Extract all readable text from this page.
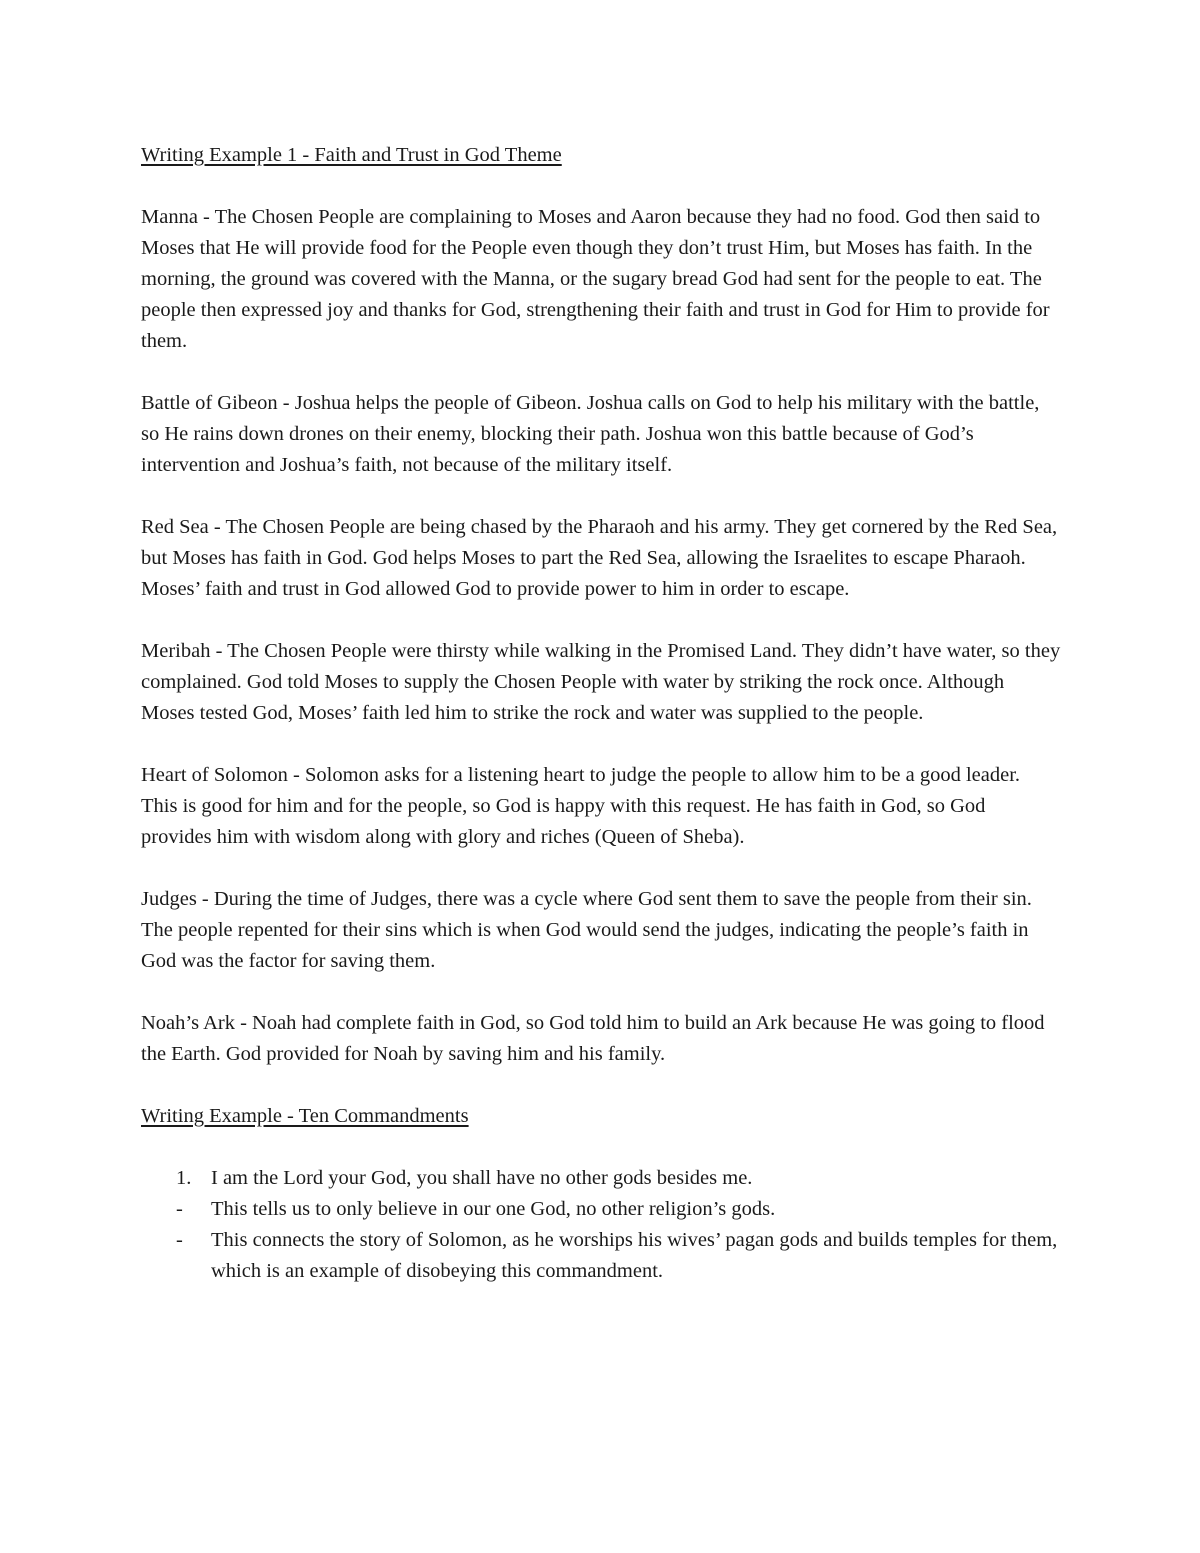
Writing Example 1 - Faith and Trust in God Theme

Manna - The Chosen People are complaining to Moses and Aaron because they had no food. God then said to Moses that He will provide food for the People even though they don’t trust Him, but Moses has faith. In the morning, the ground was covered with the Manna, or the sugary bread God had sent for the people to eat. The people then expressed joy and thanks for God, strengthening their faith and trust in God for Him to provide for them.

Battle of Gibeon - Joshua helps the people of Gibeon. Joshua calls on God to help his military with the battle, so He rains down drones on their enemy, blocking their path. Joshua won this battle because of God’s intervention and Joshua’s faith, not because of the military itself.

Red Sea - The Chosen People are being chased by the Pharaoh and his army. They get cornered by the Red Sea, but Moses has faith in God. God helps Moses to part the Red Sea, allowing the Israelites to escape Pharaoh. Moses’ faith and trust in God allowed God to provide power to him in order to escape.

Meribah - The Chosen People were thirsty while walking in the Promised Land. They didn’t have water, so they complained. God told Moses to supply the Chosen People with water by striking the rock once. Although Moses tested God, Moses’ faith led him to strike the rock and water was supplied to the people.

Heart of Solomon - Solomon asks for a listening heart to judge the people to allow him to be a good leader. This is good for him and for the people, so God is happy with this request. He has faith in God, so God provides him with wisdom along with glory and riches (Queen of Sheba).

Judges - During the time of Judges, there was a cycle where God sent them to save the people from their sin. The people repented for their sins which is when God would send the judges, indicating the people’s faith in God was the factor for saving them.

Noah’s Ark - Noah had complete faith in God, so God told him to build an Ark because He was going to flood the Earth. God provided for Noah by saving him and his family.

Writing Example - Ten Commandments

1. I am the Lord your God, you shall have no other gods besides me.
- This tells us to only believe in our one God, no other religion’s gods.
- This connects the story of Solomon, as he worships his wives’ pagan gods and builds temples for them, which is an example of disobeying this commandment.
